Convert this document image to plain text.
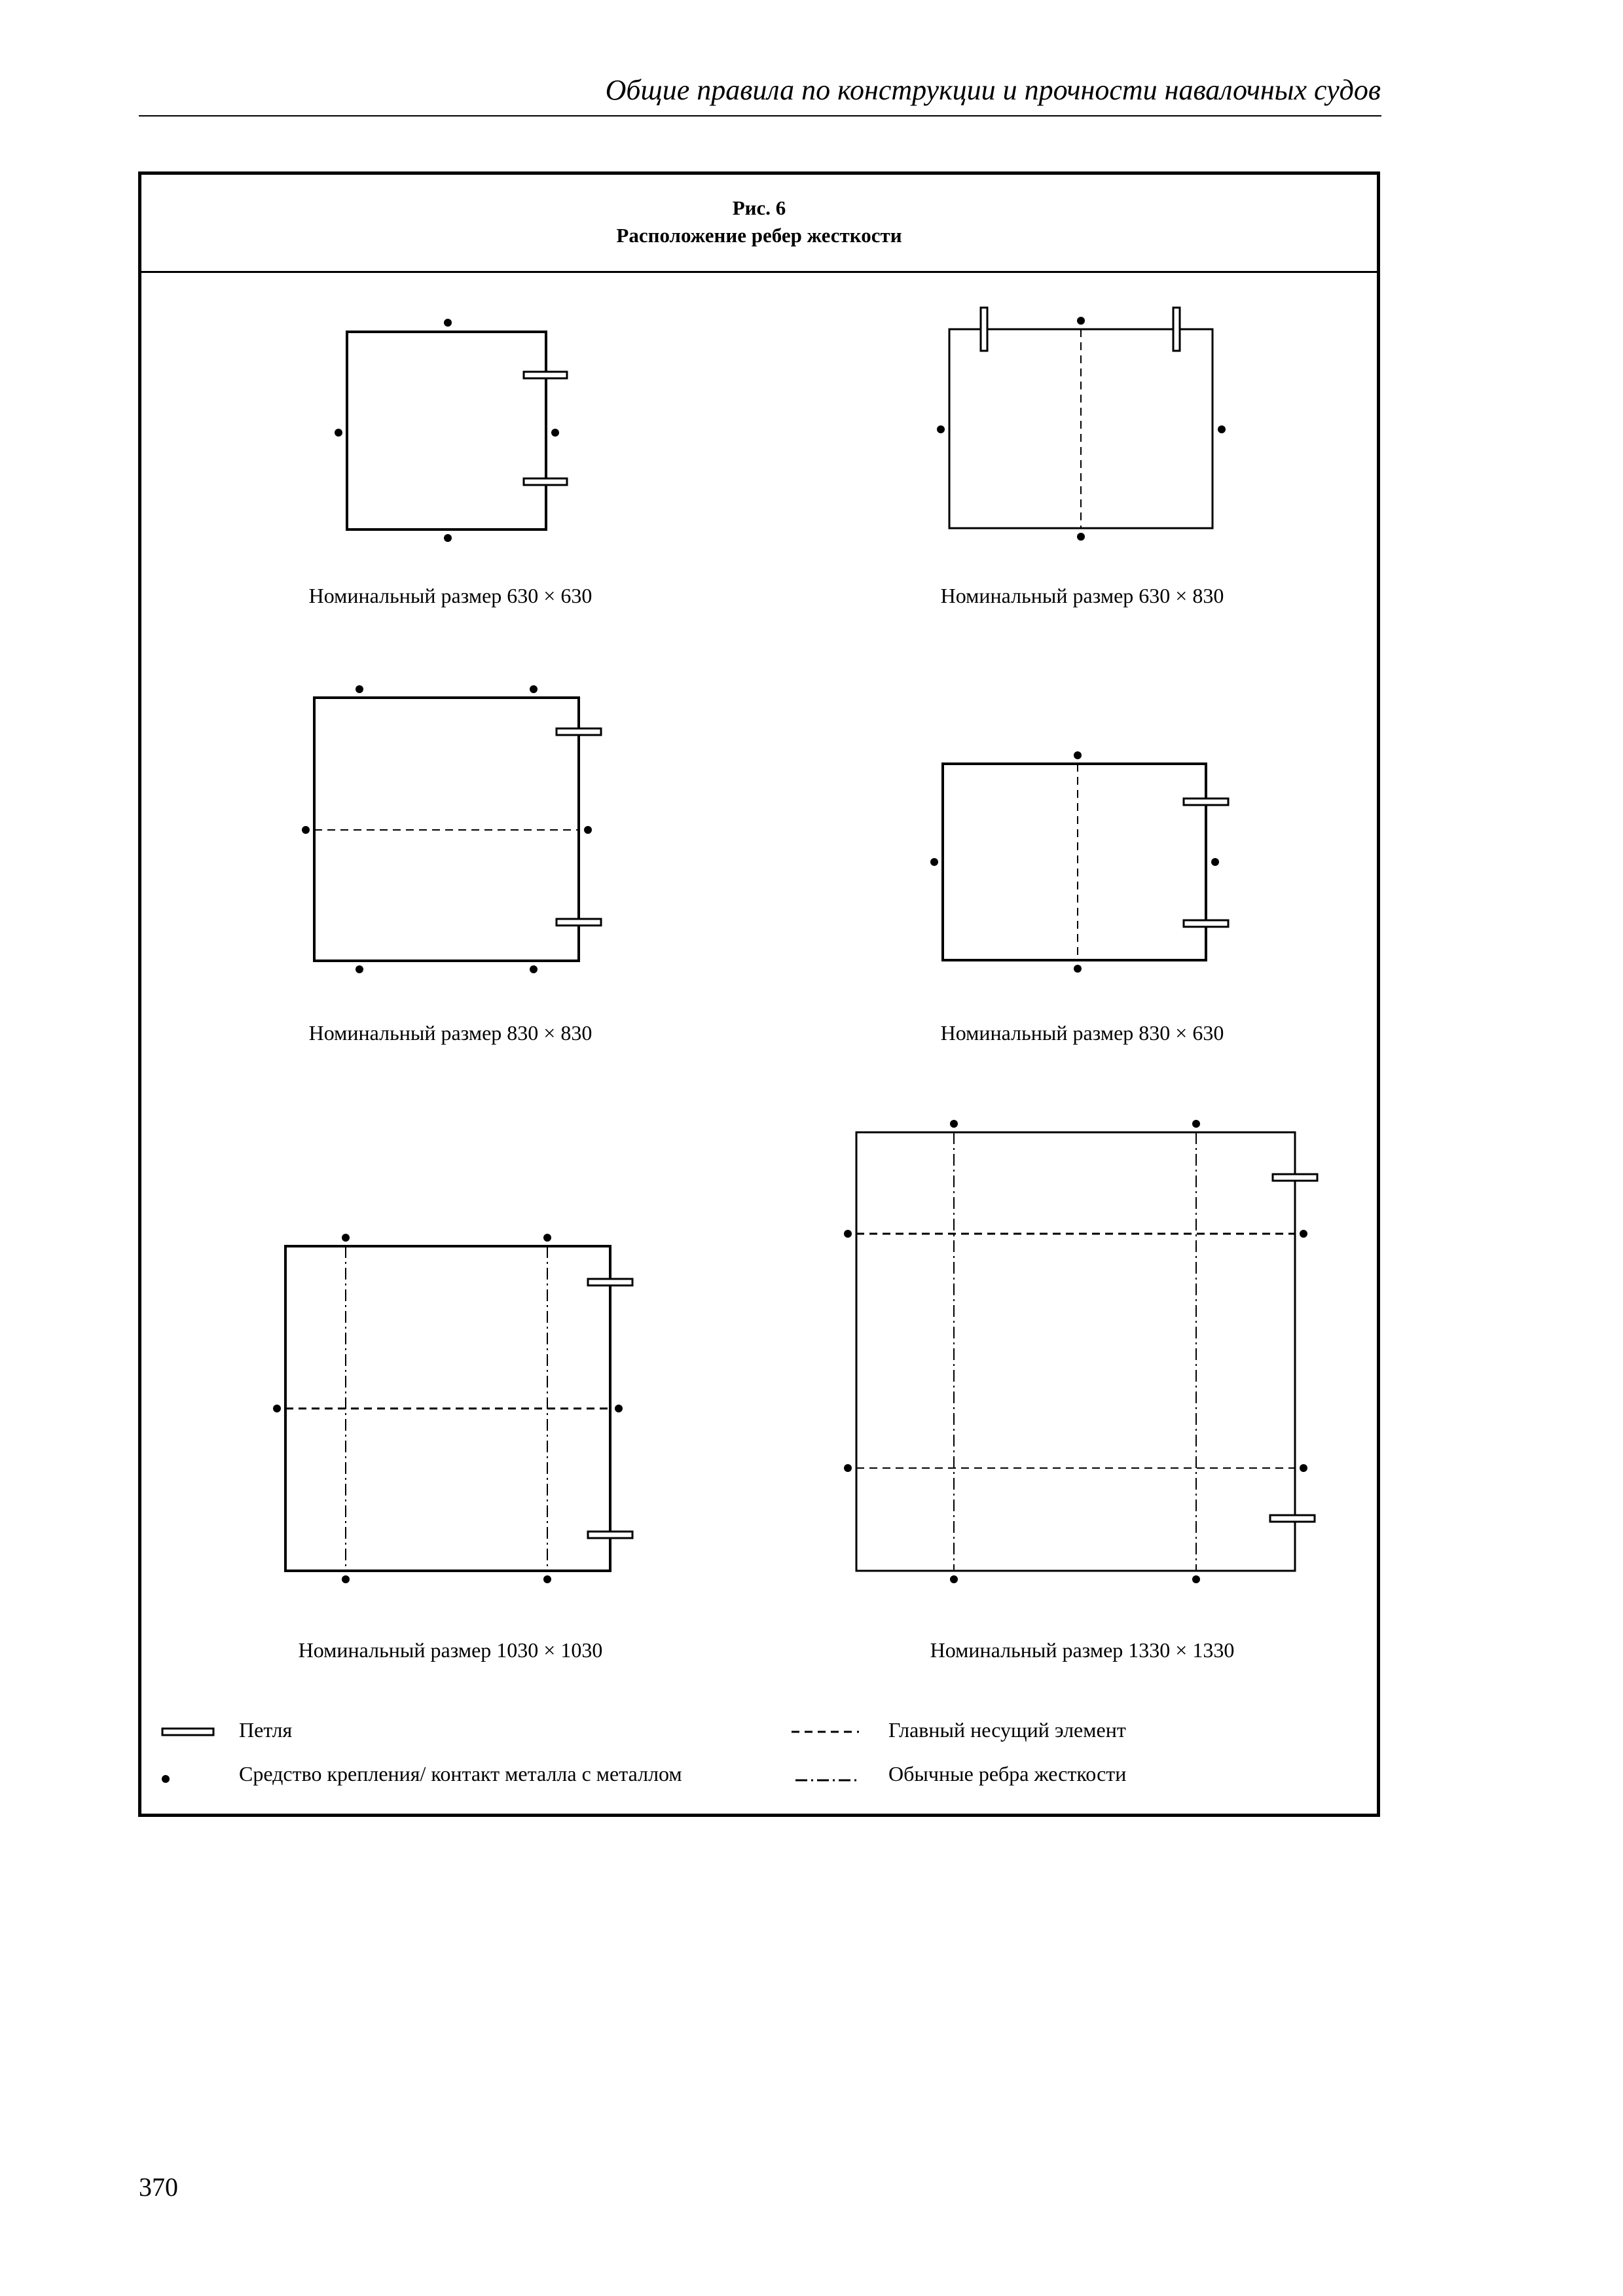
Общие правила по конструкции и прочности навалочных судов
Рис. 6
Расположение ребер жесткости
Номинальный размер 630 × 630	Номинальный размер 630 × 830
Номинальный размер 830 × 830	Номинальный размер 830 × 630
Номинальный размер 1030 × 1030	Номинальный размер 1330 × 1330
Петля
Средство крепления/ контакт металла с металлом
Главный несущий элемент
Обычные ребра жесткости
370
